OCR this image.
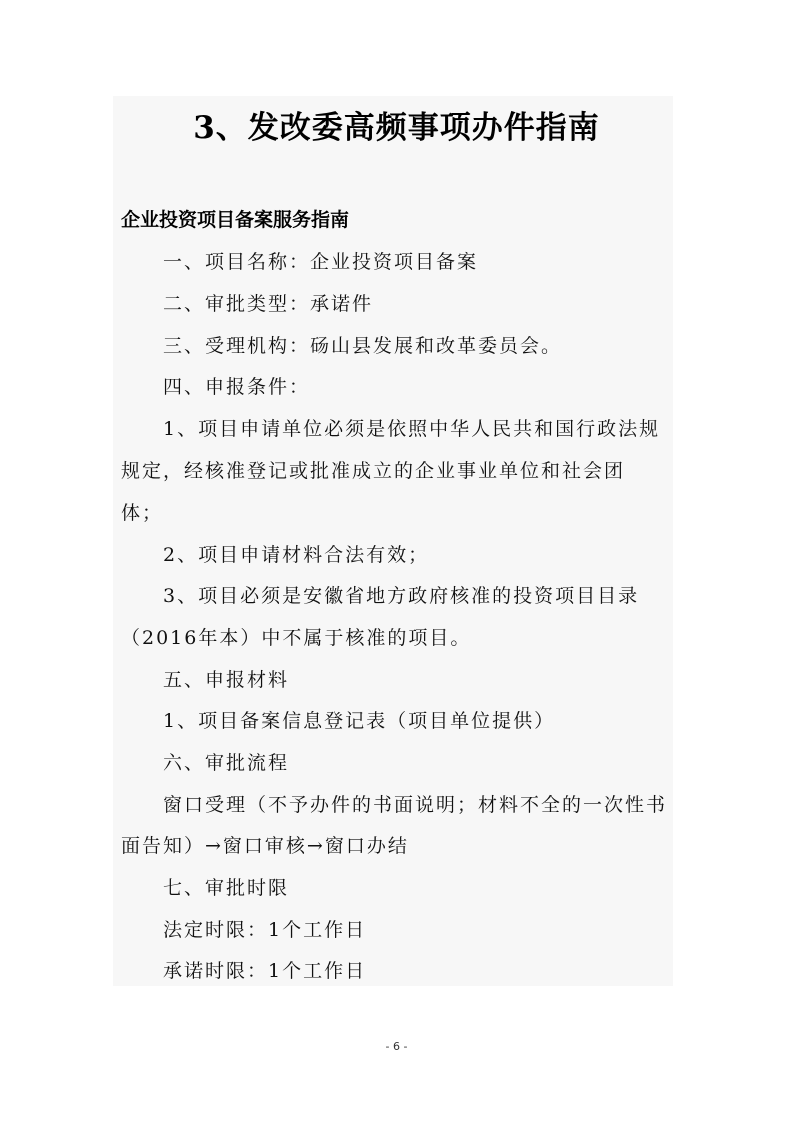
3、发改委高频事项办件指南
企业投资项目备案服务指南
一、项目名称：企业投资项目备案
二、审批类型：承诺件
三、受理机构：砀山县发展和改革委员会。
四、申报条件：
1、项目申请单位必须是依照中华人民共和国行政法规
规定，经核准登记或批准成立的企业事业单位和社会团
体；
2、项目申请材料合法有效；
3、项目必须是安徽省地方政府核准的投资项目目录
（2016年本）中不属于核准的项目。
五、申报材料
1、项目备案信息登记表（项目单位提供）
六、审批流程
窗口受理（不予办件的书面说明；材料不全的一次性书
面告知）→窗口审核→窗口办结
七、审批时限
法定时限：1个工作日
承诺时限：1个工作日
- 6 -
